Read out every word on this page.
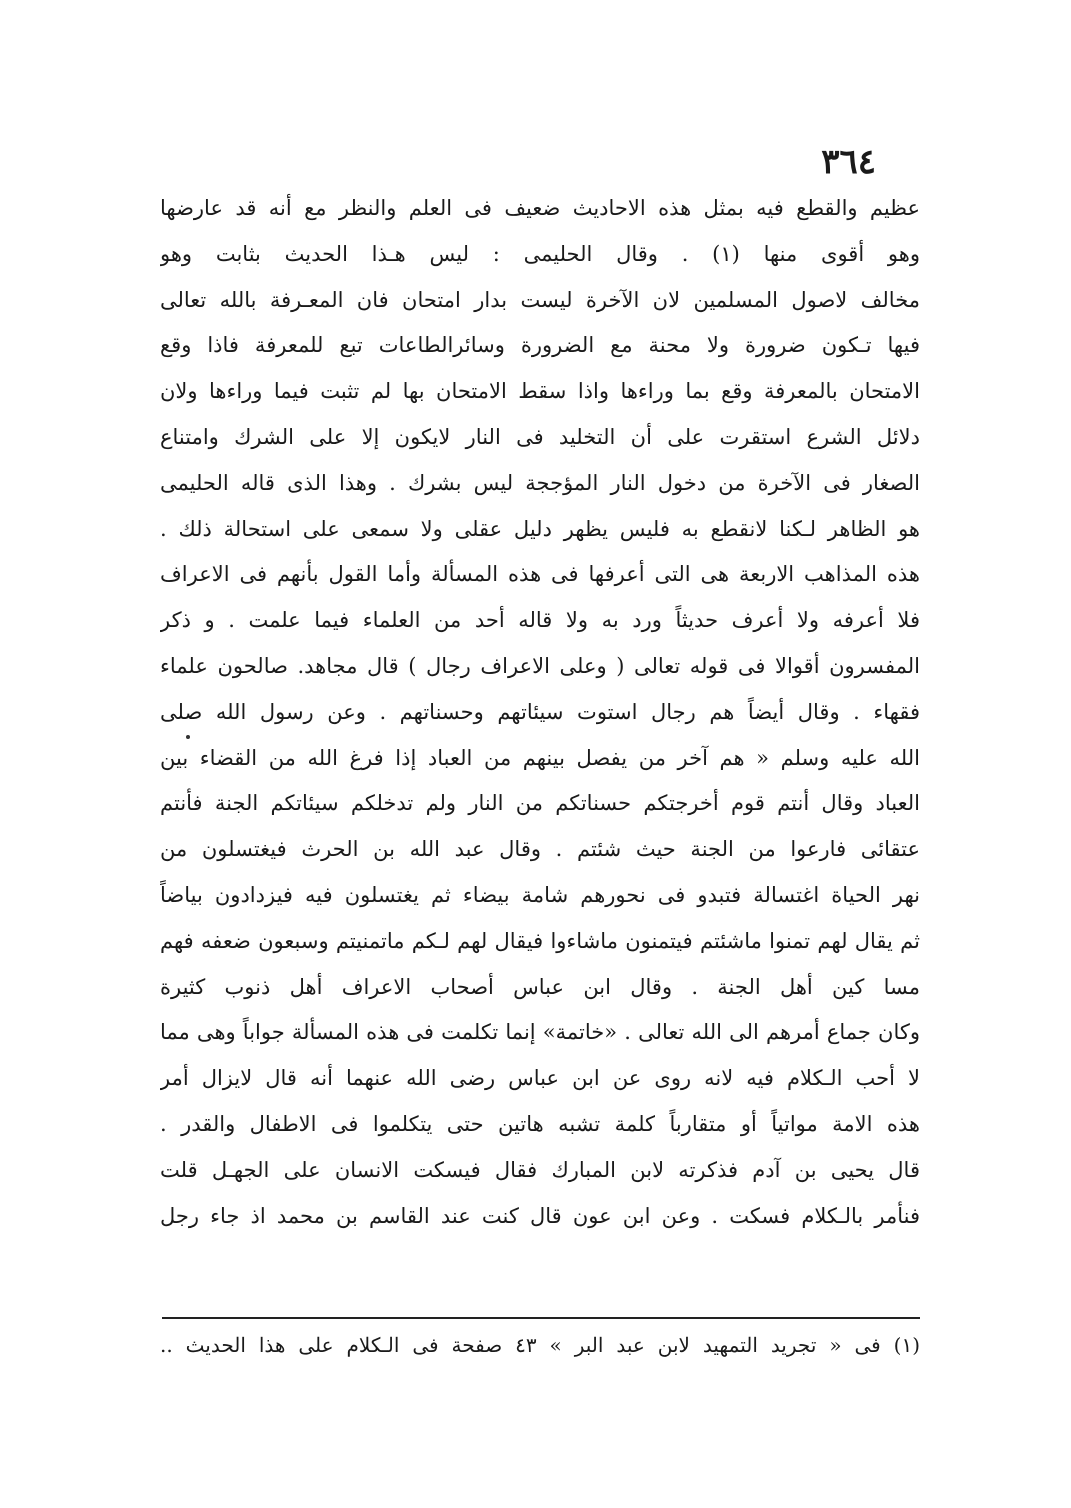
٣٦٤
عظيم والقطع فيه بمثل هذه الاحاديث ضعيف فى العلم والنظر مع أنه قد عارضها
وهو أقوى منها (١) . وقال الحليمى : ليس هـذا الحديث بثابت وهو
مخالف لاصول المسلمين لان الآخرة ليست بدار امتحان فان المعـرفة بالله تعالى
فيها تـكون ضرورة ولا محنة مع الضرورة وسائرالطاعات تبع للمعرفة فاذا وقع
الامتحان بالمعرفة وقع بما وراءها واذا سقط الامتحان بها لم تثبت فيما وراءها ولان
دلائل الشرع استقرت على أن التخليد فى النار لايكون إلا على الشرك وامتناع
الصغار فى الآخرة من دخول النار المؤججة ليس بشرك . وهذا الذى قاله الحليمى
هو الظاهر لـكنا لانقطع به فليس يظهر دليل عقلى ولا سمعى على استحالة ذلك .
هذه المذاهب الاربعة هى التى أعرفها فى هذه المسألة وأما القول بأنهم فى الاعراف
فلا أعرفه ولا أعرف حديثاً ورد به ولا قاله أحد من العلماء فيما علمت . و ذكر
المفسرون أقوالا فى قوله تعالى ( وعلى الاعراف رجال ) قال مجاهد. صالحون علماء
فقهاء . وقال أيضاً هم رجال استوت سيئاتهم وحسناتهم . وعن رسول الله صلى
الله عليه وسلم « هم آخر من يفصل بينهم من العباد إذا فرغ الله من القضاء بين
العباد وقال أنتم قوم أخرجتكم حسناتكم من النار ولم تدخلكم سيئاتكم الجنة فأنتم
عتقائى فارعوا من الجنة حيث شئتم . وقال عبد الله بن الحرث فيغتسلون من
نهر الحياة اغتسالة فتبدو فى نحورهم شامة بيضاء ثم يغتسلون فيه فيزدادون بياضاً
ثم يقال لهم تمنوا ماشئتم فيتمنون ماشاءوا فيقال لهم لـكم ماتمنيتم وسبعون ضعفه فهم
مسا كين أهل الجنة . وقال ابن عباس أصحاب الاعراف أهل ذنوب كثيرة
وكان جماع أمرهم الى الله تعالى . «خاتمة» إنما تكلمت فى هذه المسألة جواباً وهى مما
لا أحب الـكلام فيه لانه روى عن ابن عباس رضى الله عنهما أنه قال لايزال أمر
هذه الامة مواتياً أو متقارباً كلمة تشبه هاتين حتى يتكلموا فى الاطفال والقدر .
قال يحيى بن آدم فذكرته لابن المبارك فقال فيسكت الانسان على الجهـل قلت
فنأمر بالـكلام فسكت . وعن ابن عون قال كنت عند القاسم بن محمد اذ جاء رجل
(١) فى « تجريد التمهيد لابن عبد البر » ٤٣ صفحة فى الـكلام على هذا الحديث ..
